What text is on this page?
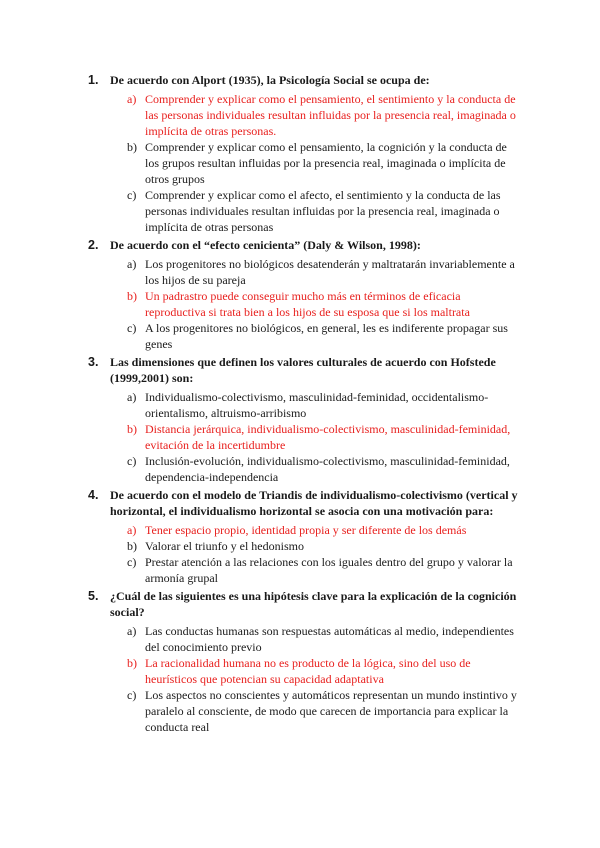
1. De acuerdo con Alport (1935), la Psicología Social se ocupa de:

a) Comprender y explicar como el pensamiento, el sentimiento y la conducta de las personas individuales resultan influidas por la presencia real, imaginada o implícita de otras personas.
b) Comprender y explicar como el pensamiento, la cognición y la conducta de los grupos resultan influidas por la presencia real, imaginada o implícita de otros grupos
c) Comprender y explicar como el afecto, el sentimiento y la conducta de las personas individuales resultan influidas por la presencia real, imaginada o implícita de otras personas

2. De acuerdo con el “efecto cenicienta” (Daly & Wilson, 1998):

a) Los progenitores no biológicos desatenderán y maltratarán invariablemente a los hijos de su pareja
b) Un padrastro puede conseguir mucho más en términos de eficacia reproductiva si trata bien a los hijos de su esposa que si los maltrata
c) A los progenitores no biológicos, en general, les es indiferente propagar sus genes

3. Las dimensiones que definen los valores culturales de acuerdo con Hofstede (1999,2001) son:

a) Individualismo-colectivismo, masculinidad-feminidad, occidentalismo-orientalismo, altruismo-arribismo
b) Distancia jerárquica, individualismo-colectivismo, masculinidad-feminidad, evitación de la incertidumbre
c) Inclusión-evolución, individualismo-colectivismo, masculinidad-feminidad, dependencia-independencia

4. De acuerdo con el modelo de Triandis de individualismo-colectivismo (vertical y horizontal, el individualismo horizontal se asocia con una motivación para:

a) Tener espacio propio, identidad propia y ser diferente de los demás
b) Valorar el triunfo y el hedonismo
c) Prestar atención a las relaciones con los iguales dentro del grupo y valorar la armonía grupal

5. ¿Cuál de las siguientes es una hipótesis clave para la explicación de la cognición social?

a) Las conductas humanas son respuestas automáticas al medio, independientes del conocimiento previo
b) La racionalidad humana no es producto de la lógica, sino del uso de heurísticos que potencian su capacidad adaptativa
c) Los aspectos no conscientes y automáticos representan un mundo instintivo y paralelo al consciente, de modo que carecen de importancia para explicar la conducta real
